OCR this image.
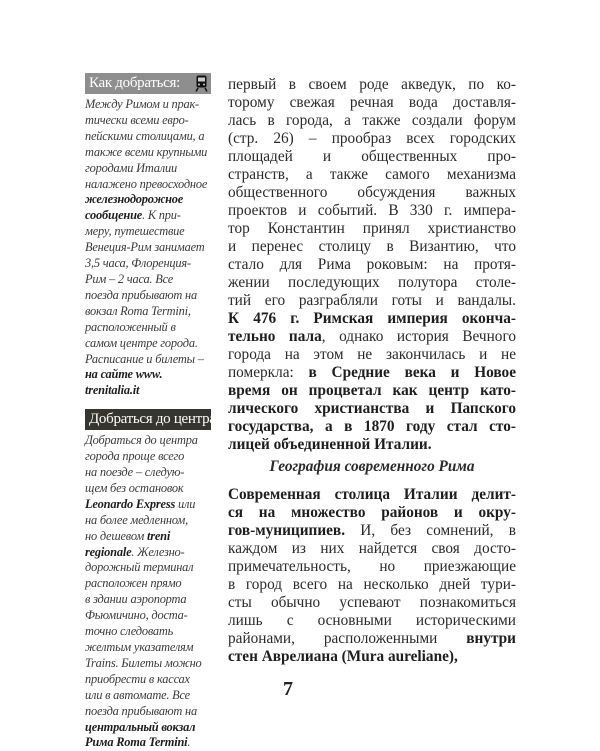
Как добраться:
Между Римом и прак-
тически всеми евро-
пейскими столицами, а
также всеми крупными
городами Италии
налажено превосходное
железнодорожное
сообщение. К при-
меру, путешествие
Венеция-Рим занимает
3,5 часа, Флоренция-
Рим – 2 часа. Все
поезда прибывают на
вокзал Roma Termini,
расположенный в
самом центре города.
Расписание и билеты –
на сайте www.
trenitalia.it
Добраться до центра
Добраться до центра
города проще всего
на поезде – следую-
щем без остановок
Leonardo Express или
на более медленном,
но дешевом treni
regionale. Железно-
дорожный терминал
расположен прямо
в здании аэропорта
Фьюмичино, доста-
точно следовать
желтым указателям
Trains. Билеты можно
приобрести в кассах
или в автомате. Все
поезда прибывают на
центральный вокзал
Рима Roma Termini.
первый в своем роде акведук, по ко-
торому свежая речная вода доставля-
лась в города, а также создали форум
(стр. 26) – прообраз всех городских
площадей и общественных про-
странств, а также самого механизма
общественного обсуждения важных
проектов и событий. В 330 г. импера-
тор Константин принял христианство
и перенес столицу в Византию, что
стало для Рима роковым: на протя-
жении последующих полутора столе-
тий его разграбляли готы и вандалы.
К 476 г. Римская империя оконча-
тельно пала, однако история Вечного
города на этом не закончилась и не
померкла: в Средние века и Новое
время он процветал как центр като-
лического христианства и Папского
государства, а в 1870 году стал сто-
лицей объединенной Италии.
География современного Рима
Современная столица Италии делит-
ся на множество районов и окру-
гов-муниципиев. И, без сомнений, в
каждом из них найдется своя досто-
примечательность, но приезжающие
в город всего на несколько дней тури-
сты обычно успевают познакомиться
лишь с основными историческими
районами, расположенными внутри
стен Аврелиана (Mura aureliane),
7
